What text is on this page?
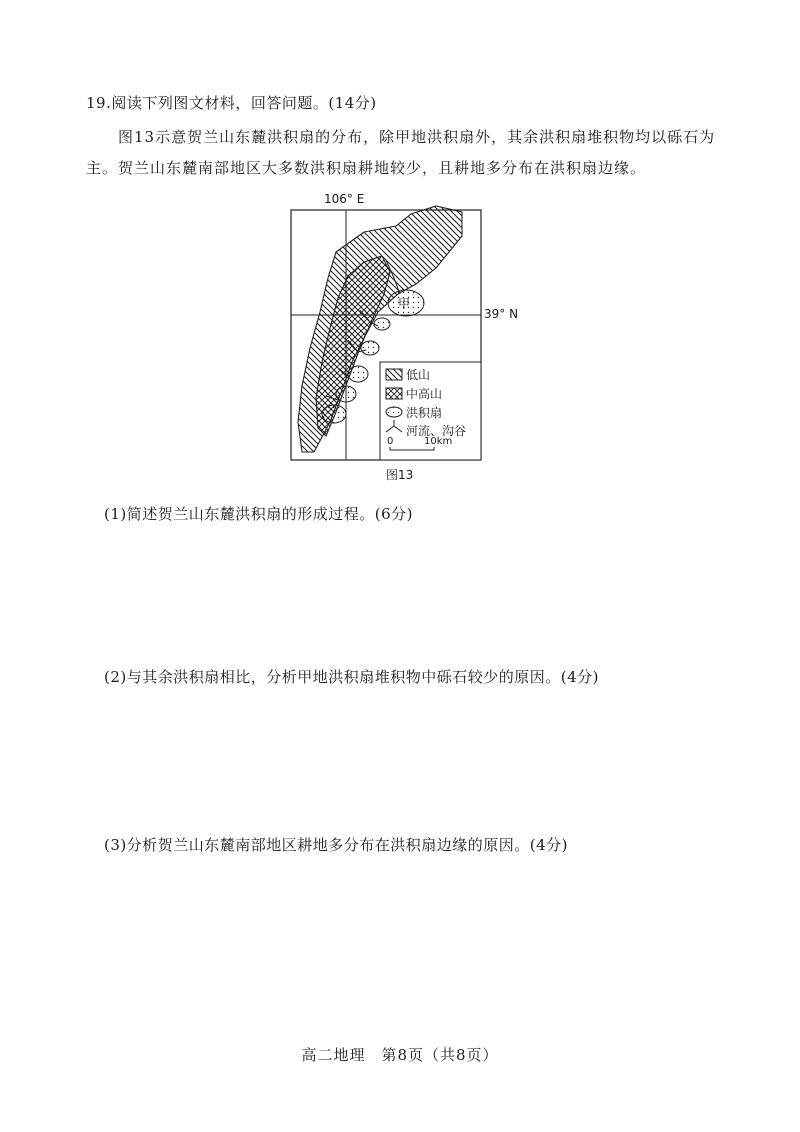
19.阅读下列图文材料，回答问题。(14分)
图13示意贺兰山东麓洪积扇的分布，除甲地洪积扇外，其余洪积扇堆积物均以砾石为主。贺兰山东麓南部地区大多数洪积扇耕地较少，且耕地多分布在洪积扇边缘。
106° E
39° N
甲
低山
中高山
洪积扇
河流、沟谷
0	10km
图13
(1)简述贺兰山东麓洪积扇的形成过程。(6分)
(2)与其余洪积扇相比，分析甲地洪积扇堆积物中砾石较少的原因。(4分)
(3)分析贺兰山东麓南部地区耕地多分布在洪积扇边缘的原因。(4分)
高二地理　第8页（共8页）
